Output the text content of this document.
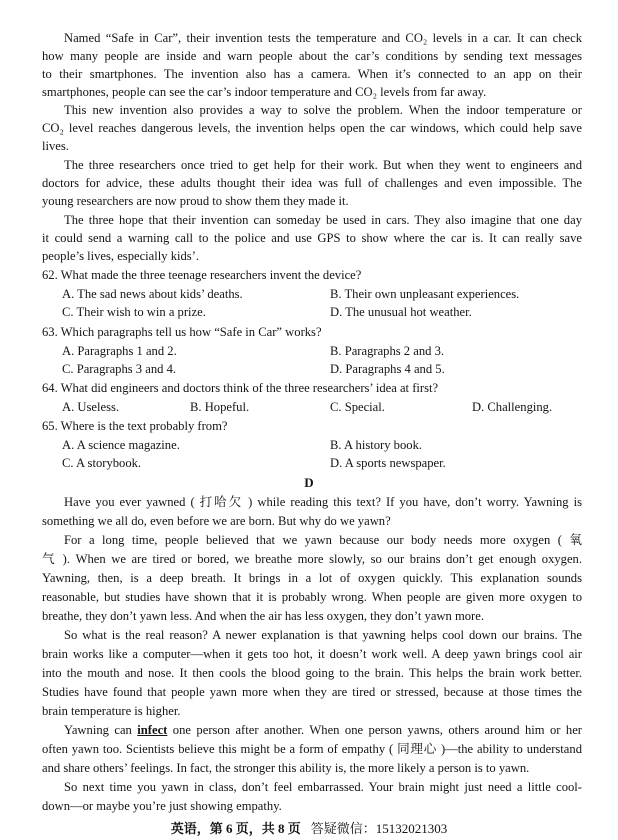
Named “Safe in Car”, their invention tests the temperature and CO₂ levels in a car. It can check
how many people are inside and warn people about the car’s conditions by sending text messages
to their smartphones. The invention also has a camera. When it’s connected to an app on their
smartphones, people can see the car’s indoor temperature and CO₂ levels from far away.
This new invention also provides a way to solve the problem. When the indoor temperature or
CO₂ level reaches dangerous levels, the invention helps open the car windows, which could help save
lives.
The three researchers once tried to get help for their work. But when they went to engineers and
doctors for advice, these adults thought their idea was full of challenges and even impossible. The
young researchers are now proud to show them they made it.
The three hope that their invention can someday be used in cars. They also imagine that one day
it could send a warning call to the police and use GPS to show where the car is. It can really save
people’s lives, especially kids’.
62. What made the three teenage researchers invent the device?
A. The sad news about kids’ deaths.	B. Their own unpleasant experiences.
C. Their wish to win a prize.	D. The unusual hot weather.
63. Which paragraphs tell us how “Safe in Car” works?
A. Paragraphs 1 and 2.	B. Paragraphs 2 and 3.
C. Paragraphs 3 and 4.	D. Paragraphs 4 and 5.
64. What did engineers and doctors think of the three researchers’ idea at first?
A. Useless.	B. Hopeful.	C. Special.	D. Challenging.
65. Where is the text probably from?
A. A science magazine.	B. A history book.
C. A storybook.	D. A sports newspaper.
D
Have you ever yawned ( 打哈欠 ) while reading this text? If you have, don’t worry. Yawning is
something we all do, even before we are born. But why do we yawn?
For a long time, people believed that we yawn because our body needs more oxygen ( 氧
气 ). When we are tired or bored, we breathe more slowly, so our brains don’t get enough oxygen.
Yawning, then, is a deep breath. It brings in a lot of oxygen quickly. This explanation sounds
reasonable, but studies have shown that it is probably wrong. When people are given more oxygen to
breathe, they don’t yawn less. And when the air has less oxygen, they don’t yawn more.
So what is the real reason? A newer explanation is that yawning helps cool down our brains. The
brain works like a computer—when it gets too hot, it doesn’t work well. A deep yawn brings cool air
into the mouth and nose. It then cools the blood going to the brain. This helps the brain work better.
Studies have found that people yawn more when they are tired or stressed, because at those times the
brain temperature is higher.
Yawning can infect one person after another. When one person yawns, others around him or her
often yawn too. Scientists believe this might be a form of empathy ( 同理心 )—the ability to understand
and share others’ feelings. In fact, the stronger this ability is, the more likely a person is to yawn.
So next time you yawn in class, don’t feel embarrassed. Your brain might just need a little cool-
down—or maybe you’re just showing empathy.
英语，第 6 页，共 8 页 答疑微信：15132021303
